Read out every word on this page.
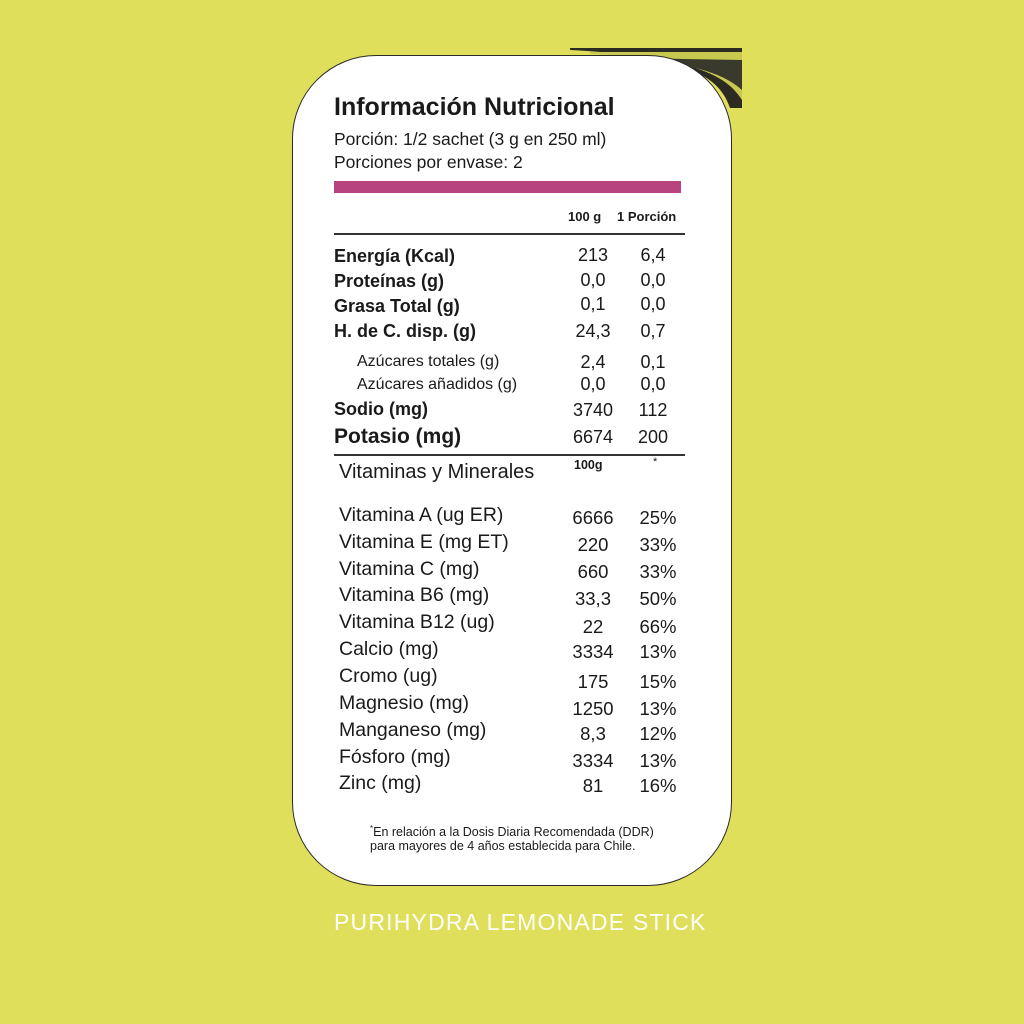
Información Nutricional
Porción: 1/2 sachet (3 g en 250 ml)
Porciones por envase: 2
100 g 1 Porción
Energía (Kcal)	213	6,4
Proteínas (g)	0,0	0,0
Grasa Total (g)	0,1	0,0
H. de C. disp. (g)	24,3	0,7
Azúcares totales (g)	2,4	0,1
Azúcares añadidos (g)	0,0	0,0
Sodio (mg)	3740	112
Potasio (mg)	6674	200
Vitaminas y Minerales	100g	*
Vitamina A (ug ER)	6666	25%
Vitamina E (mg ET)	220	33%
Vitamina C (mg)	660	33%
Vitamina B6 (mg)	33,3	50%
Vitamina B12 (ug)	22	66%
Calcio (mg)	3334	13%
Cromo (ug)	175	15%
Magnesio (mg)	1250	13%
Manganeso (mg)	8,3	12%
Fósforo (mg)	3334	13%
Zinc (mg)	81	16%
*En relación a la Dosis Diaria Recomendada (DDR) para mayores de 4 años establecida para Chile.
PURIHYDRA LEMONADE STICK
